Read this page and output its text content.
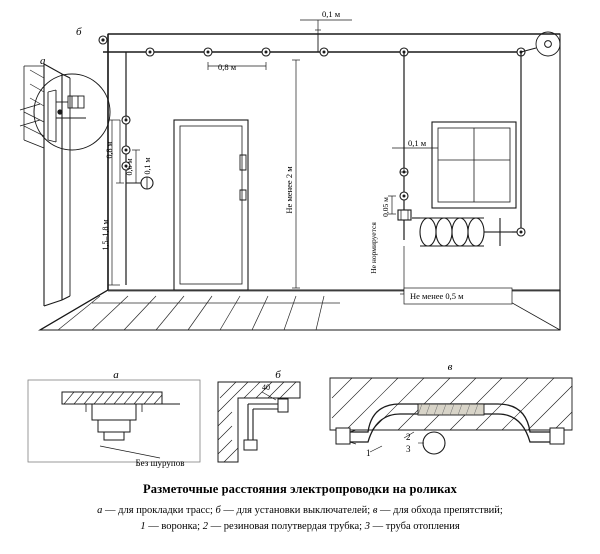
а
б
0,1 м
0,8 м
0,8 м
0,1 м
0,6 м
1,5–1,8 м
Не менее 2 м
0,1 м
0,05 м
Не нормируется
Не менее 0,5 м
а
Без шурупов
б
40
в
1
2
3
Разметочные расстояния электропроводки на роликах
а — для прокладки трасс; б — для установки выключателей; в — для обхода препятствий;
1 — воронка; 2 — резиновая полутвердая трубка; 3 — труба отопления
